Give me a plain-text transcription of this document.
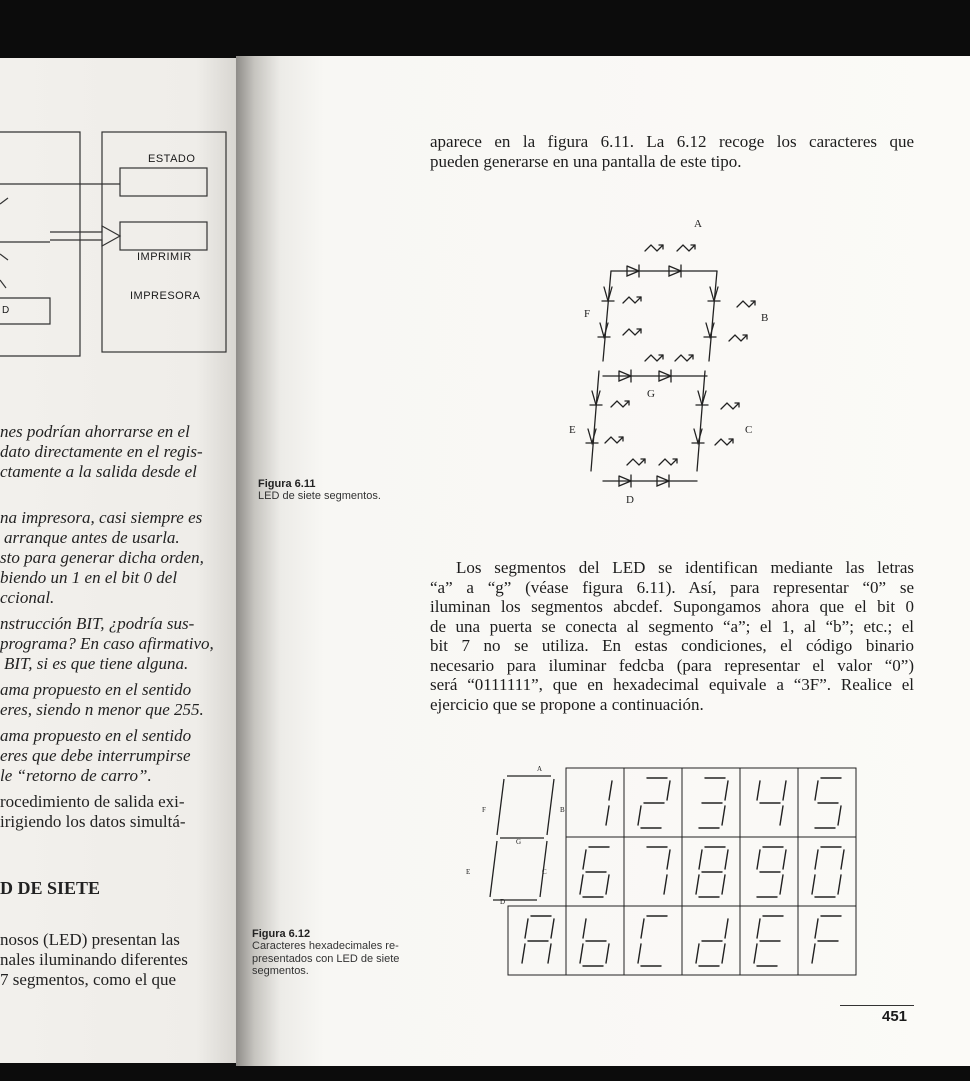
ESTADO
IMPRIMIR
IMPRESORA
D
nes podrían ahorrarse en el
dato directamente en el regis-
ctamente a la salida desde el
na impresora, casi siempre es
arranque antes de usarla.
sto para generar dicha orden,
biendo un 1 en el bit 0 del
ccional.
nstrucción BIT, ¿podría sus-
programa? En caso afirmativo,
BIT, si es que tiene alguna.
ama propuesto en el sentido
eres, siendo n menor que 255.
ama propuesto en el sentido
eres que debe interrumpirse
le “retorno de carro”.
rocedimiento de salida exi-
irigiendo los datos simultá-
D DE SIETE
nosos (LED) presentan las
nales iluminando diferentes
7 segmentos, como el que
aparece en la figura 6.11. La 6.12 recoge los caracteres que
pueden generarse en una pantalla de este tipo.
A
F	B
G
E	C
D
Figura 6.11
LED de siete segmentos.
Los segmentos del LED se identifican mediante las letras
“a” a “g” (véase figura 6.11). Así, para representar “0” se
iluminan los segmentos abcdef. Supongamos ahora que el bit 0
de una puerta se conecta al segmento “a”; el 1, al “b”; etc.; el
bit 7 no se utiliza. En estas condiciones, el código binario
necesario para iluminar fedcba (para representar el valor “0”)
será “0111111”, que en hexadecimal equivale a “3F”. Realice el
ejercicio que se propone a continuación.
A
F	B
G
E	C
D
Figura 6.12
Caracteres hexadecimales re-
presentados con LED de siete
segmentos.
451
